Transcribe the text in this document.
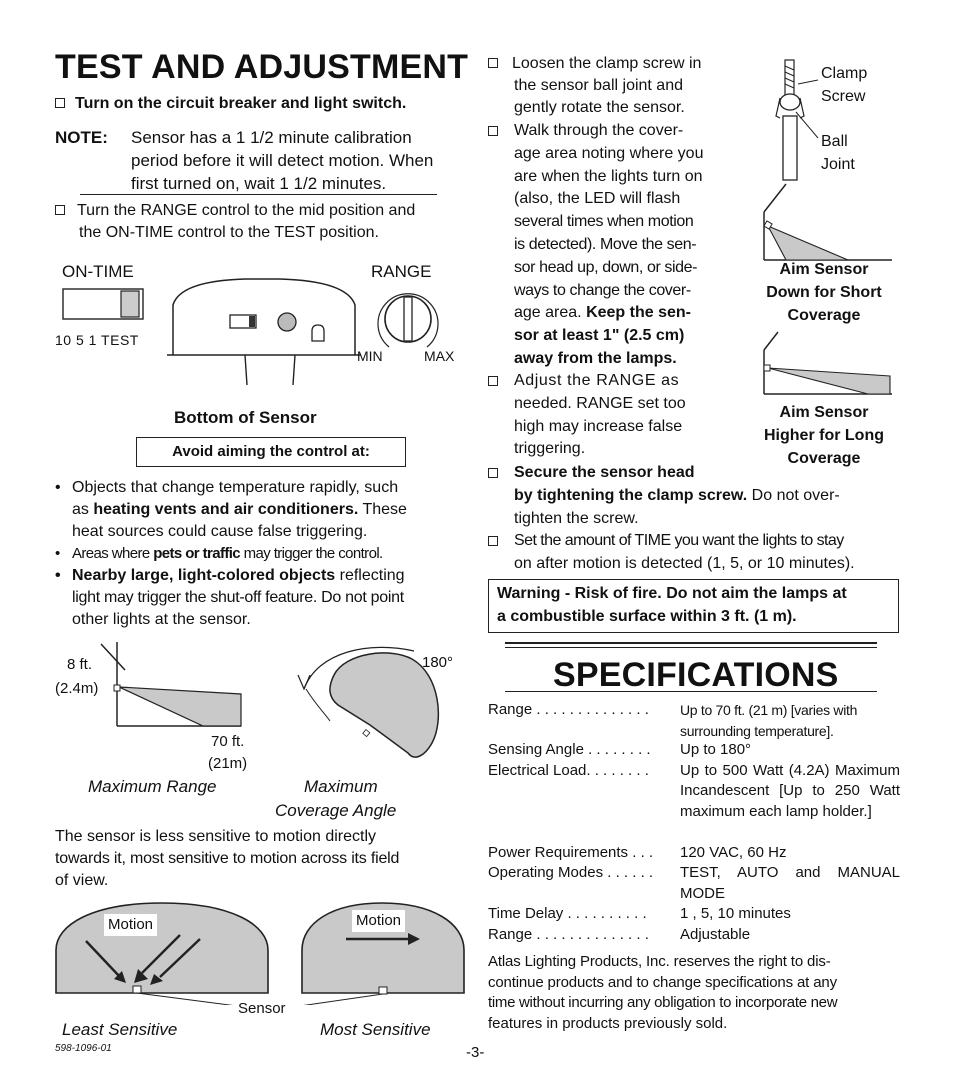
TEST AND ADJUSTMENT
Turn on the circuit breaker and light switch.
NOTE: Sensor has a 1 1/2 minute calibration
period before it will detect motion. When
first turned on, wait 1 1/2 minutes.
Turn the RANGE control to the mid position and
the ON-TIME control to the TEST position.
ON-TIME	RANGE
10 5 1 TEST
MIN	MAX
Bottom of Sensor
Avoid aiming the control at:
• Objects that change temperature rapidly, such
as heating vents and air conditioners. These
heat sources could cause false triggering.
• Areas where pets or traffic may trigger the control.
• Nearby large, light-colored objects reflecting
light may trigger the shut-off feature. Do not point
other lights at the sensor.
8 ft.
(2.4m)
70 ft.
(21m)
Maximum Range
180°
Maximum
Coverage Angle
The sensor is less sensitive to motion directly
towards it, most sensitive to motion across its field
of view.
Motion	Motion
Sensor
Least Sensitive	Most Sensitive
598-1096-01
Loosen the clamp screw in
the sensor ball joint and
gently rotate the sensor.
Clamp
Screw
Ball
Joint
Walk through the cover-
age area noting where you
are when the lights turn on
(also, the LED will flash
several times when motion
is detected). Move the sen-
sor head up, down, or side-
ways to change the cover-
age area. Keep the sen-
sor at least 1" (2.5 cm)
away from the lamps.
Aim Sensor
Down for Short
Coverage
Aim Sensor
Higher for Long
Coverage
Adjust the RANGE as
needed. RANGE set too
high may increase false
triggering.
Secure the sensor head
by tightening the clamp screw. Do not over-
tighten the screw.
Set the amount of TIME you want the lights to stay
on after motion is detected (1, 5, or 10 minutes).
Warning - Risk of fire. Do not aim the lamps at
a combustible surface within 3 ft. (1 m).
SPECIFICATIONS
Range . . . . . . . . . . . . . .	Up to 70 ft. (21 m) [varies with surrounding temperature].
Sensing Angle . . . . . . . .	Up to 180°
Electrical Load. . . . . . . .	Up to 500 Watt (4.2A) Maximum Incandescent [Up to 250 Watt maximum each lamp holder.]
Power Requirements . . .	120 VAC, 60 Hz
Operating Modes . . . . . .	TEST, AUTO and MANUAL MODE
Time Delay . . . . . . . . . .	1 , 5, 10 minutes
Range . . . . . . . . . . . . . .	Adjustable
Atlas Lighting Products, Inc. reserves the right to dis-
continue products and to change specifications at any
time without incurring any obligation to incorporate new
features in products previously sold.
-3-
